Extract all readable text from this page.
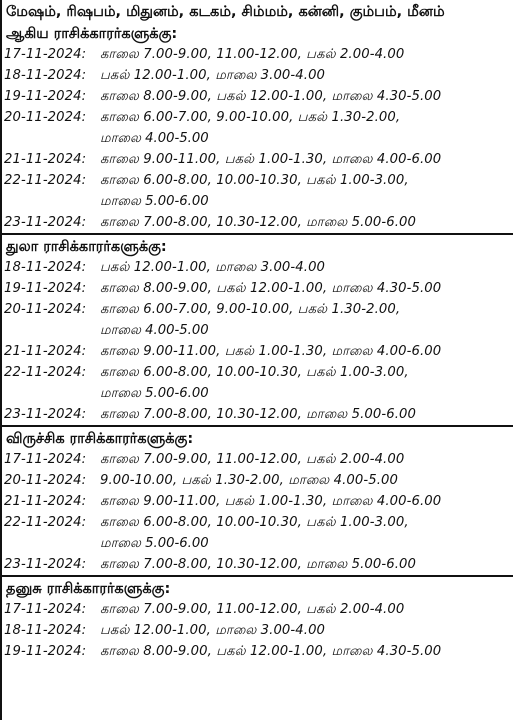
மேஷம், ரிஷபம், மிதுனம், கடகம், சிம்மம், கன்னி, கும்பம், மீனம்
ஆகிய ராசிக்காரர்களுக்கு:
17-11-2024: காலை 7.00-9.00, 11.00-12.00, பகல் 2.00-4.00
18-11-2024: பகல் 12.00-1.00, மாலை 3.00-4.00
19-11-2024: காலை 8.00-9.00, பகல் 12.00-1.00, மாலை 4.30-5.00
20-11-2024: காலை 6.00-7.00, 9.00-10.00, பகல் 1.30-2.00,
மாலை 4.00-5.00
21-11-2024: காலை 9.00-11.00, பகல் 1.00-1.30, மாலை 4.00-6.00
22-11-2024: காலை 6.00-8.00, 10.00-10.30, பகல் 1.00-3.00,
மாலை 5.00-6.00
23-11-2024: காலை 7.00-8.00, 10.30-12.00, மாலை 5.00-6.00
துலா ராசிக்காரர்களுக்கு:
18-11-2024: பகல் 12.00-1.00, மாலை 3.00-4.00
19-11-2024: காலை 8.00-9.00, பகல் 12.00-1.00, மாலை 4.30-5.00
20-11-2024: காலை 6.00-7.00, 9.00-10.00, பகல் 1.30-2.00,
மாலை 4.00-5.00
21-11-2024: காலை 9.00-11.00, பகல் 1.00-1.30, மாலை 4.00-6.00
22-11-2024: காலை 6.00-8.00, 10.00-10.30, பகல் 1.00-3.00,
மாலை 5.00-6.00
23-11-2024: காலை 7.00-8.00, 10.30-12.00, மாலை 5.00-6.00
விருச்சிக ராசிக்காரர்களுக்கு:
17-11-2024: காலை 7.00-9.00, 11.00-12.00, பகல் 2.00-4.00
20-11-2024: 9.00-10.00, பகல் 1.30-2.00, மாலை 4.00-5.00
21-11-2024: காலை 9.00-11.00, பகல் 1.00-1.30, மாலை 4.00-6.00
22-11-2024: காலை 6.00-8.00, 10.00-10.30, பகல் 1.00-3.00,
மாலை 5.00-6.00
23-11-2024: காலை 7.00-8.00, 10.30-12.00, மாலை 5.00-6.00
தனுசு ராசிக்காரர்களுக்கு:
17-11-2024: காலை 7.00-9.00, 11.00-12.00, பகல் 2.00-4.00
18-11-2024: பகல் 12.00-1.00, மாலை 3.00-4.00
19-11-2024: காலை 8.00-9.00, பகல் 12.00-1.00, மாலை 4.30-5.00
